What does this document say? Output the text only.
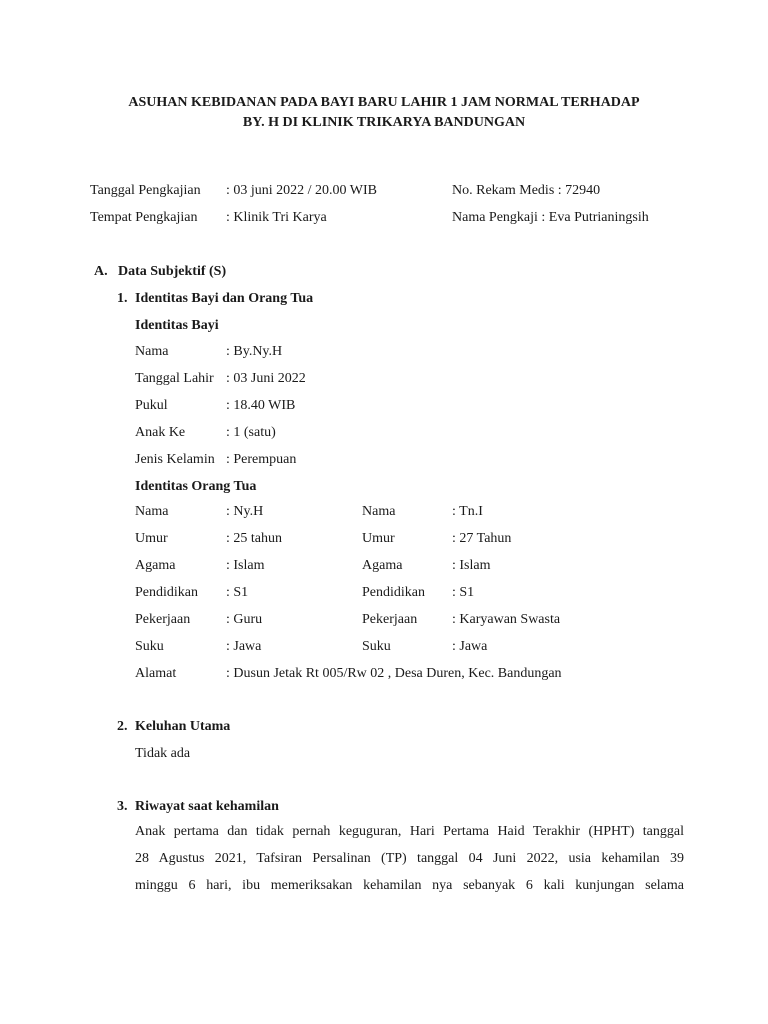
ASUHAN KEBIDANAN PADA BAYI BARU LAHIR 1 JAM NORMAL TERHADAP
BY. H DI KLINIK TRIKARYA BANDUNGAN
Tanggal Pengkajian : 03 juni 2022 / 20.00 WIB	No. Rekam Medis : 72940
Tempat Pengkajian : Klinik Tri Karya	Nama Pengkaji : Eva Putrianingsih
A. Data Subjektif (S)
1. Identitas Bayi dan Orang Tua
Identitas Bayi
Nama	: By.Ny.H
Tanggal Lahir : 03 Juni 2022
Pukul	: 18.40 WIB
Anak Ke	: 1 (satu)
Jenis Kelamin : Perempuan
Identitas Orang Tua
Nama	: Ny.H	Nama	: Tn.I
Umur	: 25 tahun	Umur	: 27 Tahun
Agama	: Islam	Agama	: Islam
Pendidikan : S1	Pendidikan : S1
Pekerjaan	: Guru	Pekerjaan : Karyawan Swasta
Suku	: Jawa	Suku	: Jawa
Alamat	: Dusun Jetak Rt 005/Rw 02 , Desa Duren, Kec. Bandungan
2. Keluhan Utama
Tidak ada
3. Riwayat saat kehamilan
Anak pertama dan tidak pernah keguguran, Hari Pertama Haid Terakhir (HPHT) tanggal
28 Agustus 2021, Tafsiran Persalinan (TP) tanggal 04 Juni 2022, usia kehamilan 39
minggu 6 hari, ibu memeriksakan kehamilan nya sebanyak 6 kali kunjungan selama
